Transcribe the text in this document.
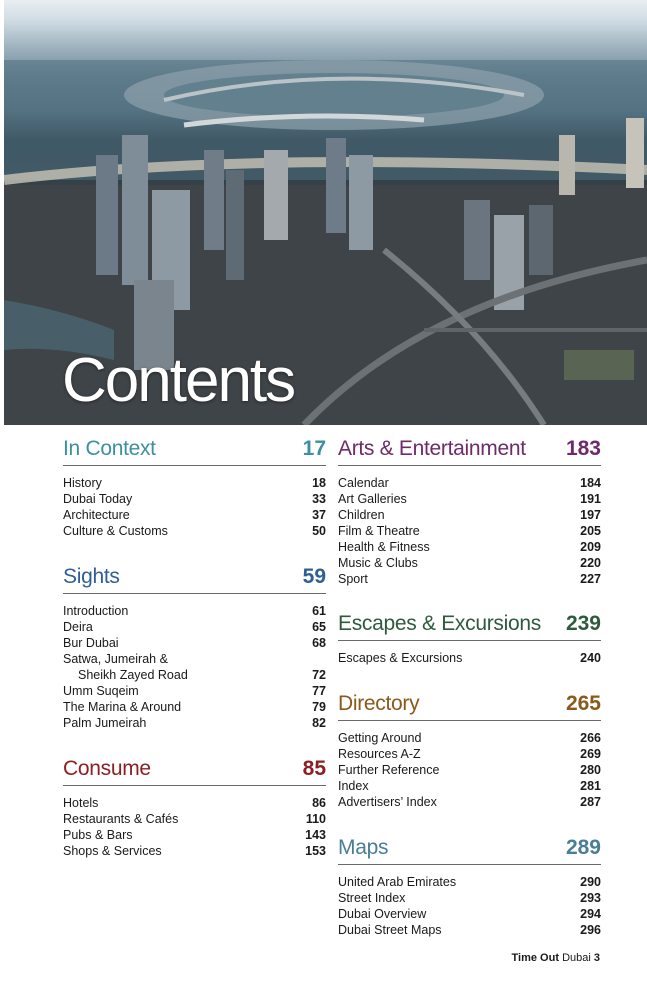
Contents
In Context	17
History	18
Dubai Today	33
Architecture	37
Culture & Customs	50
Sights	59
Introduction	61
Deira	65
Bur Dubai	68
Satwa, Jumeirah &
Sheikh Zayed Road	72
Umm Suqeim	77
The Marina & Around	79
Palm Jumeirah	82
Consume	85
Hotels	86
Restaurants & Cafés	110
Pubs & Bars	143
Shops & Services	153
Arts & Entertainment 183
Calendar	184
Art Galleries	191
Children	197
Film & Theatre	205
Health & Fitness	209
Music & Clubs	220
Sport	227
Escapes & Excursions 239
Escapes & Excursions	240
Directory	265
Getting Around	266
Resources A-Z	269
Further Reference	280
Index	281
Advertisers’ Index	287
Maps	289
United Arab Emirates	290
Street Index	293
Dubai Overview	294
Dubai Street Maps	296
Time Out Dubai 3
